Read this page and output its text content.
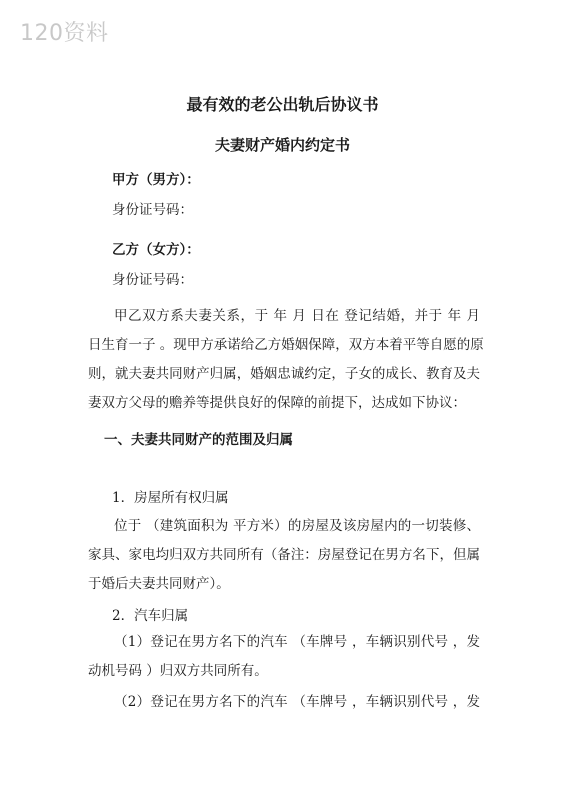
120资料
最有效的老公出轨后协议书
夫妻财产婚内约定书
甲方（男方）：
身份证号码：
乙方（女方）：
身份证号码：
甲乙双方系夫妻关系，于 年 月 日在 登记结婚，并于 年 月
日生育一子 。现甲方承诺给乙方婚姻保障，双方本着平等自愿的原
则，就夫妻共同财产归属，婚姻忠诚约定，子女的成长、教育及夫
妻双方父母的赡养等提供良好的保障的前提下，达成如下协议：
一、夫妻共同财产的范围及归属
1．房屋所有权归属
位于 （建筑面积为 平方米）的房屋及该房屋内的一切装修、
家具、家电均归双方共同所有（备注：房屋登记在男方名下，但属
于婚后夫妻共同财产）。
2．汽车归属
（1）登记在男方名下的汽车 （车牌号 ，车辆识别代号 ，发
动机号码 ）归双方共同所有。
（2）登记在男方名下的汽车 （车牌号 ，车辆识别代号 ，发
